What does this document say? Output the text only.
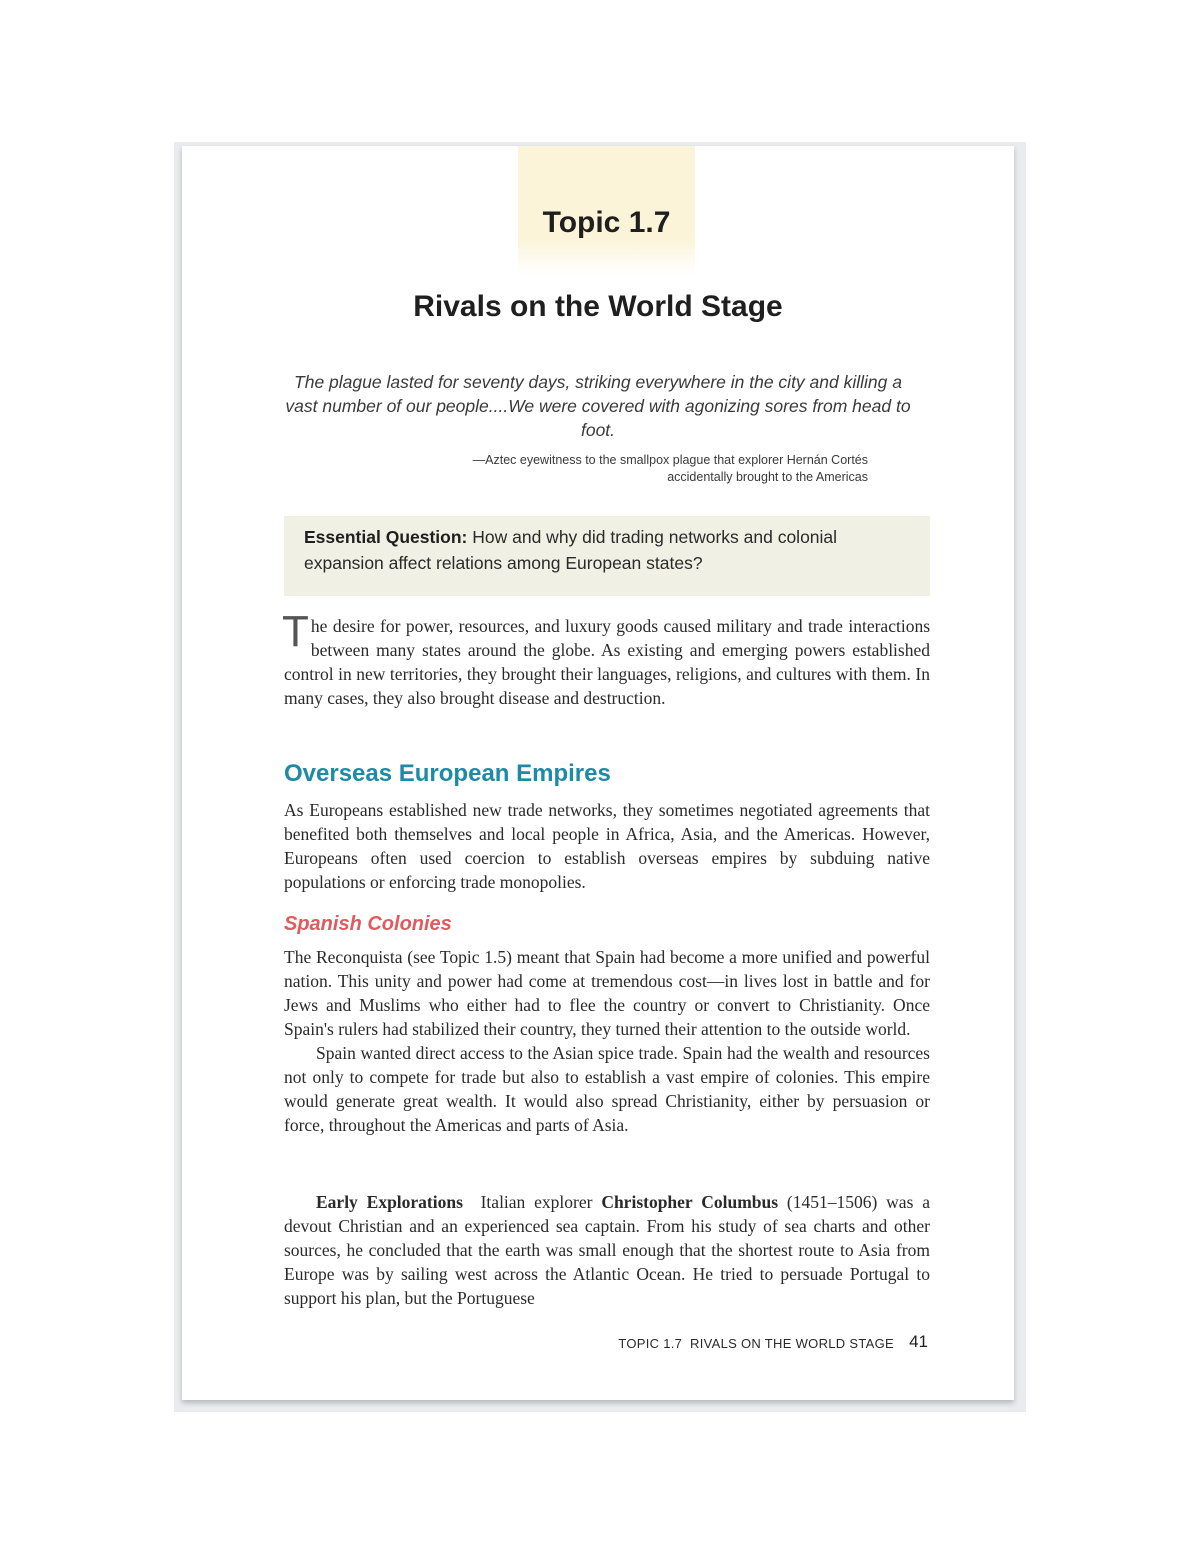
Topic 1.7
Rivals on the World Stage
The plague lasted for seventy days, striking everywhere in the city and killing a vast number of our people....We were covered with agonizing sores from head to foot.
—Aztec eyewitness to the smallpox plague that explorer Hernán Cortés
accidentally brought to the Americas
Essential Question: How and why did trading networks and colonial expansion affect relations among European states?

The desire for power, resources, and luxury goods caused military and trade interactions between many states around the globe. As existing and emerging powers established control in new territories, they brought their languages, religions, and cultures with them. In many cases, they also brought disease and destruction.

Overseas European Empires

As Europeans established new trade networks, they sometimes negotiated agreements that benefited both themselves and local people in Africa, Asia, and the Americas. However, Europeans often used coercion to establish overseas empires by subduing native populations or enforcing trade monopolies.

Spanish Colonies

The Reconquista (see Topic 1.5) meant that Spain had become a more unified and powerful nation. This unity and power had come at tremendous cost—in lives lost in battle and for Jews and Muslims who either had to flee the country or convert to Christianity. Once Spain's rulers had stabilized their country, they turned their attention to the outside world.

Spain wanted direct access to the Asian spice trade. Spain had the wealth and resources not only to compete for trade but also to establish a vast empire of colonies. This empire would generate great wealth. It would also spread Christianity, either by persuasion or force, throughout the Americas and parts of Asia.

Early Explorations Italian explorer Christopher Columbus (1451–1506) was a devout Christian and an experienced sea captain. From his study of sea charts and other sources, he concluded that the earth was small enough that the shortest route to Asia from Europe was by sailing west across the Atlantic Ocean. He tried to persuade Portugal to support his plan, but the Portuguese

TOPIC 1.7  RIVALS ON THE WORLD STAGE 41
